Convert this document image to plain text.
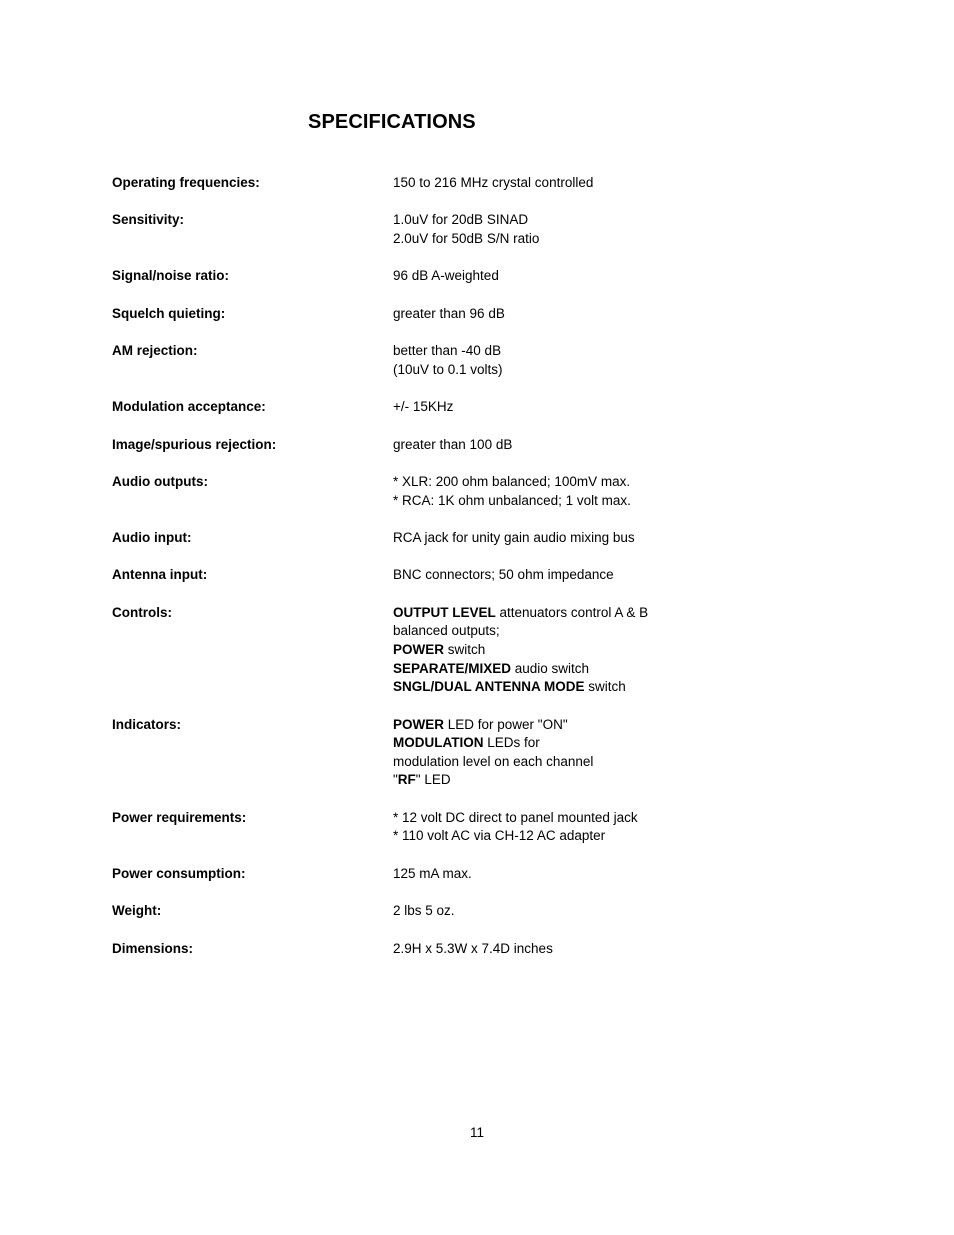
SPECIFICATIONS
Operating frequencies:	150 to 216 MHz crystal controlled
Sensitivity:	1.0uV for 20dB SINAD
2.0uV for 50dB S/N ratio
Signal/noise ratio:	96 dB A-weighted
Squelch quieting:	greater than 96 dB
AM rejection:	better than -40 dB
(10uV to 0.1 volts)
Modulation acceptance:	+/- 15KHz
Image/spurious rejection:	greater than 100 dB
Audio outputs:	* XLR: 200 ohm balanced; 100mV max.
* RCA: 1K ohm unbalanced; 1 volt max.
Audio input:	RCA jack for unity gain audio mixing bus
Antenna input:	BNC connectors; 50 ohm impedance
Controls:	OUTPUT LEVEL attenuators control A & B
balanced outputs;
POWER switch
SEPARATE/MIXED audio switch
SNGL/DUAL ANTENNA MODE switch
Indicators:	POWER LED for power "ON"
MODULATION LEDs for
modulation level on each channel
"RF" LED
Power requirements:	* 12 volt DC direct to panel mounted jack
* 110 volt AC via CH-12 AC adapter
Power consumption:	125 mA max.
Weight:	2 lbs 5 oz.
Dimensions:	2.9H x 5.3W x 7.4D inches
11
